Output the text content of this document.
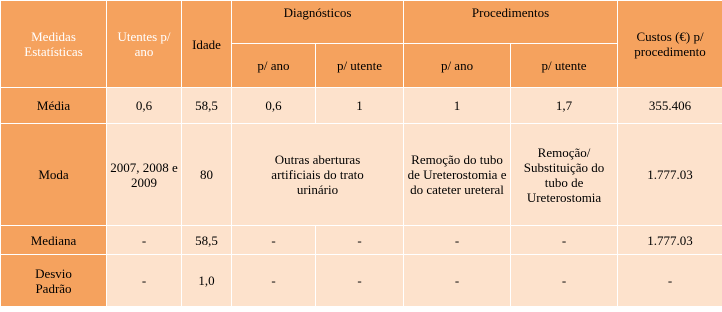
Medidas Estatísticas	Utentes p/ ano	Idade	Diagnósticos		Procedimentos		Custos (€) p/ procedimento
			p/ ano	p/ utente	p/ ano	p/ utente	
Média	0,6	58,5	0,6	1	1	1,7	355.406
Moda	2007, 2008 e 2009	80	Outras aberturas artificiais do trato urinário		Remoção do tubo de Ureterostomia e do cateter ureteral	Remoção/ Substituição do tubo de Ureterostomia	1.777.03
Mediana	-	58,5	-	-	-	-	1.777.03

Desvio Padrão	-	1,0	-	-	-	-	-
